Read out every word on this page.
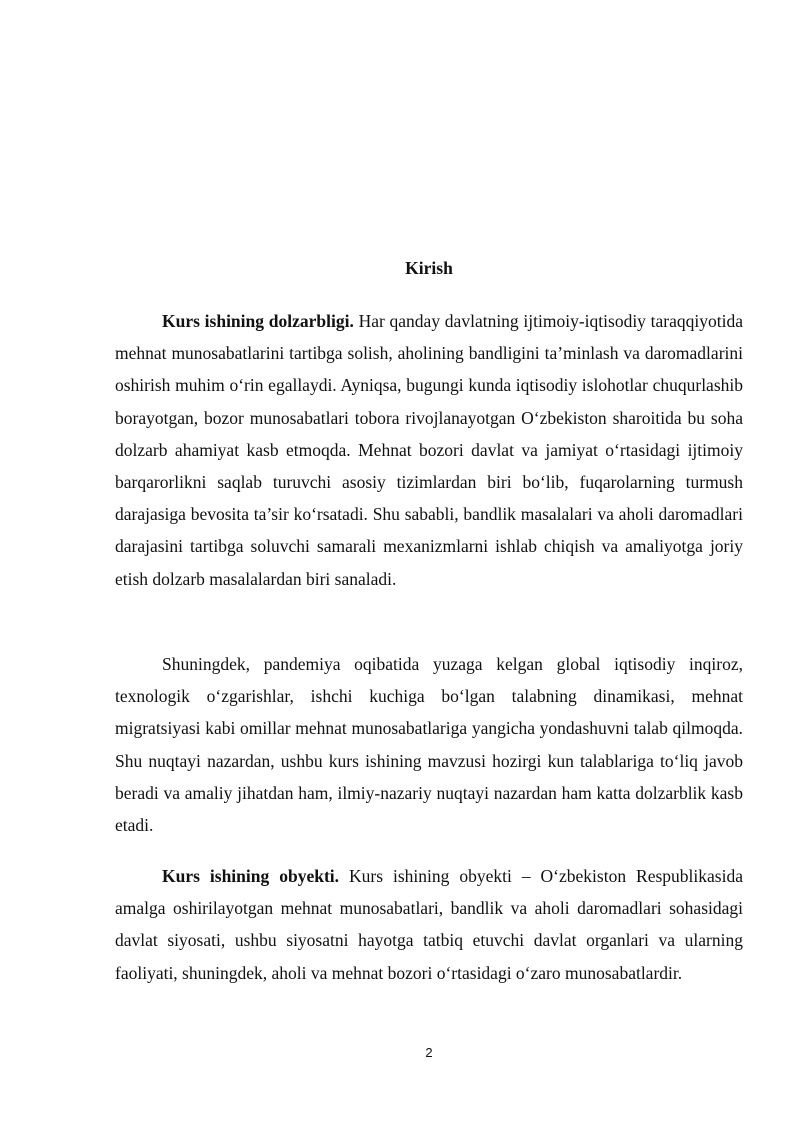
Kirish

Kurs ishining dolzarbligi. Har qanday davlatning ijtimoiy-iqtisodiy taraqqiyotida mehnat munosabatlarini tartibga solish, aholining bandligini ta’minlash va daromadlarini oshirish muhim o‘rin egallaydi. Ayniqsa, bugungi kunda iqtisodiy islohotlar chuqurlashib borayotgan, bozor munosabatlari tobora rivojlanayotgan O‘zbekiston sharoitida bu soha dolzarb ahamiyat kasb etmoqda. Mehnat bozori davlat va jamiyat o‘rtasidagi ijtimoiy barqarorlikni saqlab turuvchi asosiy tizimlardan biri bo‘lib, fuqarolarning turmush darajasiga bevosita ta’sir ko‘rsatadi. Shu sababli, bandlik masalalari va aholi daromadlari darajasini tartibga soluvchi samarali mexanizmlarni ishlab chiqish va amaliyotga joriy etish dolzarb masalalardan biri sanaladi.

Shuningdek, pandemiya oqibatida yuzaga kelgan global iqtisodiy inqiroz, texnologik o‘zgarishlar, ishchi kuchiga bo‘lgan talabning dinamikasi, mehnat migratsiyasi kabi omillar mehnat munosabatlariga yangicha yondashuvni talab qilmoqda. Shu nuqtayi nazardan, ushbu kurs ishining mavzusi hozirgi kun talablariga to‘liq javob beradi va amaliy jihatdan ham, ilmiy-nazariy nuqtayi nazardan ham katta dolzarblik kasb etadi.

Kurs ishining obyekti. Kurs ishining obyekti – O‘zbekiston Respublikasida amalga oshirilayotgan mehnat munosabatlari, bandlik va aholi daromadlari sohasidagi davlat siyosati, ushbu siyosatni hayotga tatbiq etuvchi davlat organlari va ularning faoliyati, shuningdek, aholi va mehnat bozori o‘rtasidagi o‘zaro munosabatlardir.

2
